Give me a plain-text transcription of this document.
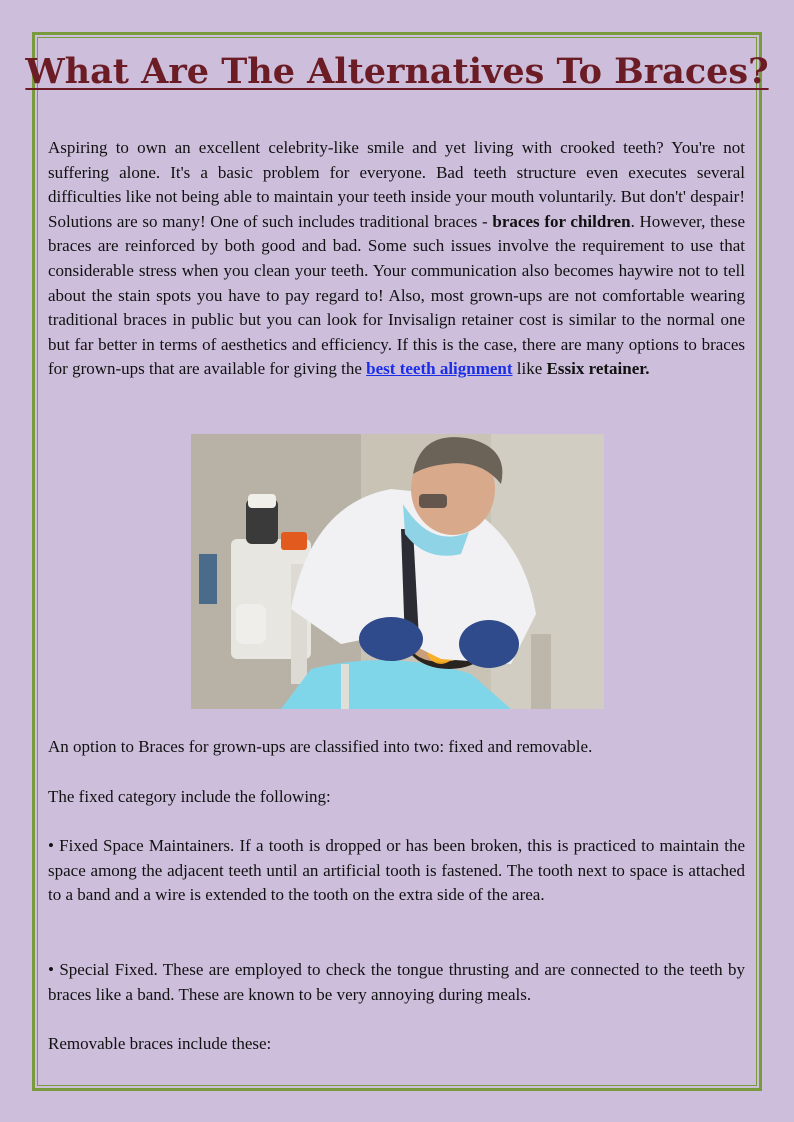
What Are The Alternatives To Braces?

Aspiring to own an excellent celebrity-like smile and yet living with crooked teeth? You're not suffering alone. It's a basic problem for everyone. Bad teeth structure even executes several difficulties like not being able to maintain your teeth inside your mouth voluntarily. But don't' despair! Solutions are so many! One of such includes traditional braces - braces for children. However, these braces are reinforced by both good and bad. Some such issues involve the requirement to use that considerable stress when you clean your teeth. Your communication also becomes haywire not to tell about the stain spots you have to pay regard to! Also, most grown-ups are not comfortable wearing traditional braces in public but you can look for Invisalign retainer cost is similar to the normal one but far better in terms of aesthetics and efficiency. If this is the case, there are many options to braces for grown-ups that are available for giving the best teeth alignment like Essix retainer.

An option to Braces for grown-ups are classified into two: fixed and removable.

The fixed category include the following:

• Fixed Space Maintainers. If a tooth is dropped or has been broken, this is practiced to maintain the space among the adjacent teeth until an artificial tooth is fastened. The tooth next to space is attached to a band and a wire is extended to the tooth on the extra side of the area.

• Special Fixed. These are employed to check the tongue thrusting and are connected to the teeth by braces like a band. These are known to be very annoying during meals.

Removable braces include these:
